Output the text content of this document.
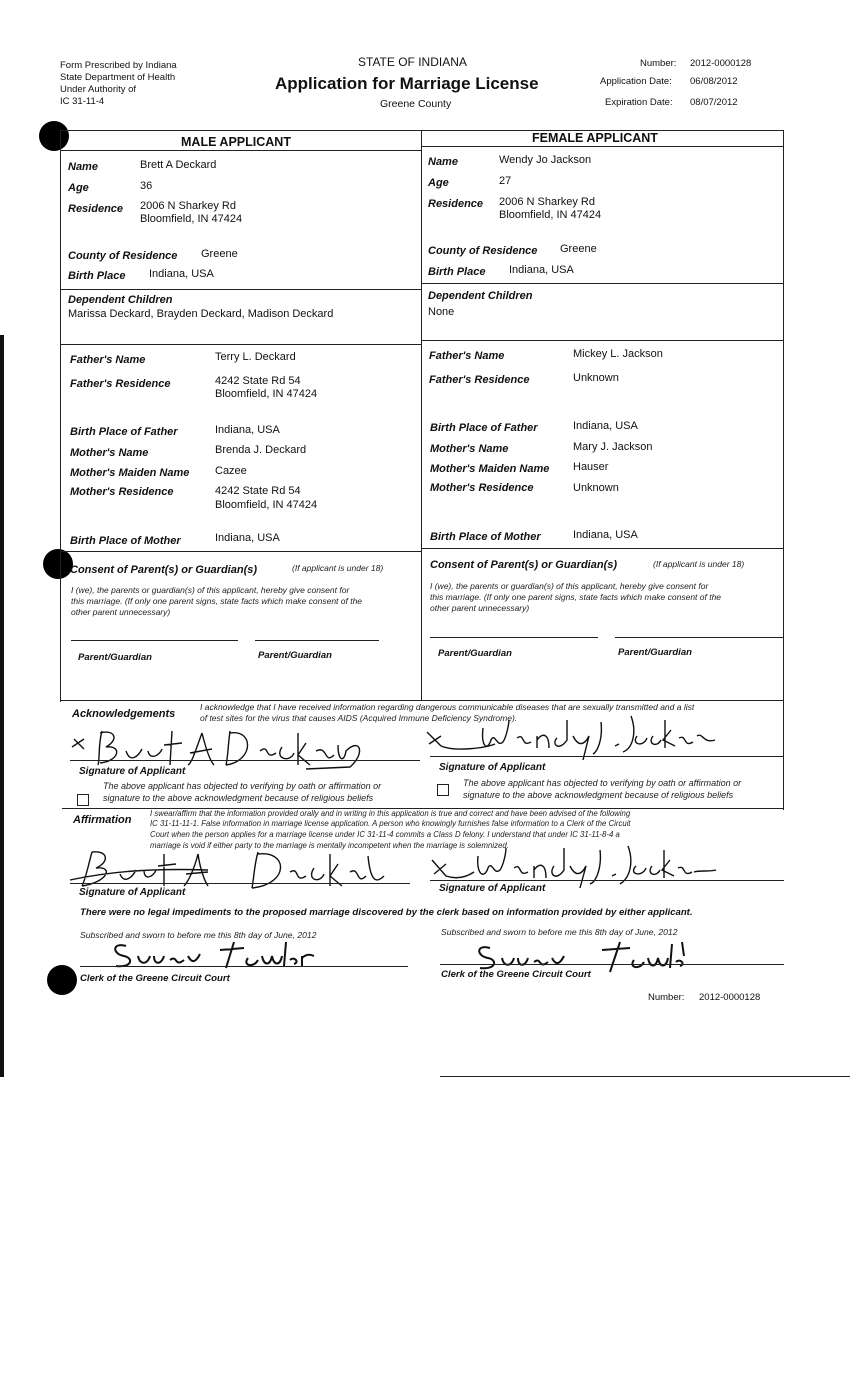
Form Prescribed by Indiana
State Department of Health
Under Authority of
IC 31-11-4
STATE OF INDIANA
Application for Marriage License
Greene County
Number: 2012-0000128
Application Date: 06/08/2012
Expiration Date: 08/07/2012
MALE APPLICANT	FEMALE APPLICANT
Name	Brett A Deckard
Age	36
Residence 2006 N Sharkey Rd
Bloomfield, IN 47424
County of Residence Greene
Birth Place Indiana, USA
Dependent Children
Marissa Deckard, Brayden Deckard, Madison Deckard
Father's Name	Terry L. Deckard
Father's Residence	4242 State Rd 54
Bloomfield, IN 47424
Birth Place of Father	Indiana, USA
Mother's Name	Brenda J. Deckard
Mother's Maiden Name Cazee
Mother's Residence	4242 State Rd 54
Bloomfield, IN 47424
Birth Place of Mother	Indiana, USA
Name	Wendy Jo Jackson
Age	27
Residence 2006 N Sharkey Rd
Bloomfield, IN 47424
County of Residence Greene
Birth Place Indiana, USA
Dependent Children
None
Father's Name	Mickey L. Jackson
Father's Residence	Unknown
Birth Place of Father	Indiana, USA
Mother's Name	Mary J. Jackson
Mother's Maiden Name Hauser
Mother's Residence	Unknown
Birth Place of Mother	Indiana, USA
Consent of Parent(s) or Guardian(s)	(If applicant is under 18)
I (we), the parents or guardian(s) of this applicant, hereby give consent for
this marriage. (If only one parent signs, state facts which make consent of the
other parent unnecessary)
Parent/Guardian	Parent/Guardian
Consent of Parent(s) or Guardian(s)	(If applicant is under 18)
I (we), the parents or guardian(s) of this applicant, hereby give consent for
this marriage. (If only one parent signs, state facts which make consent of the
other parent unnecessary)
Parent/Guardian	Parent/Guardian
Acknowledgements
I acknowledge that I have received information regarding dangerous communicable diseases that are sexually transmitted and a list
of test sites for the virus that causes AIDS (Acquired Immune Deficiency Syndrome).
Signature of Applicant	Signature of Applicant
The above applicant has objected to verifying by oath or affirmation or
signature to the above acknowledgment because of religious beliefs
The above applicant has objected to verifying by oath or affirmation or
signature to the above acknowledgment because of religious beliefs
Affirmation
I swear/affirm that the information provided orally and in writing in this application is true and correct and have been advised of the following
IC 31-11-11-1. False information in marriage license application. A person who knowingly furnishes false information to a Clerk of the Circuit
Court when the person applies for a marriage license under IC 31-11-4 commits a Class D felony. I understand that under IC 31-11-8-4 a
marriage is void if either party to the marriage is mentally incompetent when the marriage is solemnized.
Signature of Applicant	Signature of Applicant
There were no legal impediments to the proposed marriage discovered by the clerk based on information provided by either applicant.
Subscribed and sworn to before me this 8th day of June, 2012	Subscribed and sworn to before me this 8th day of June, 2012
Clerk of the Greene Circuit Court	Clerk of the Greene Circuit Court
Number: 2012-0000128
